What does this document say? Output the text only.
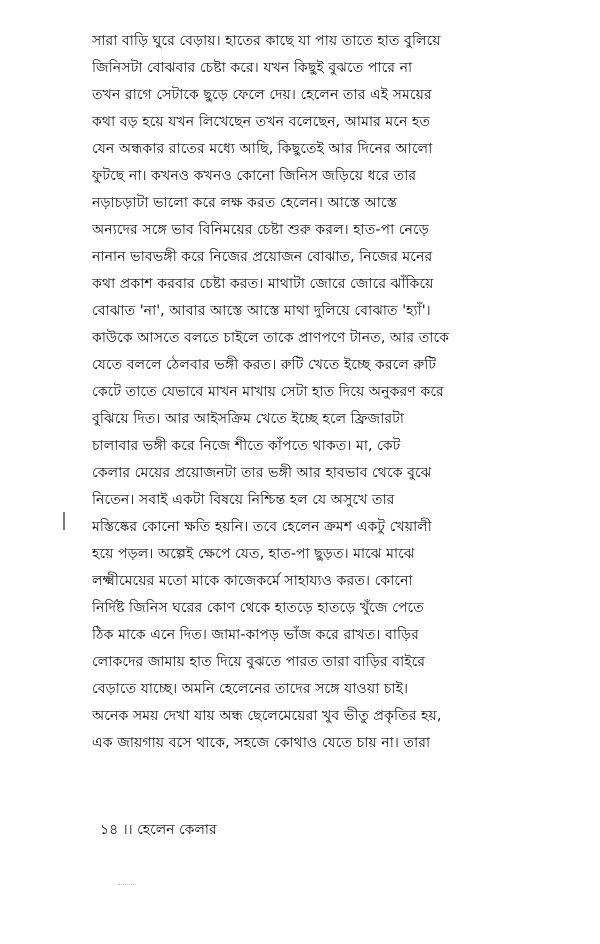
সারা বাড়ি ঘুরে বেড়ায়। হাতের কাছে যা পায় তাতে হাত বুলিয়ে
জিনিসটা বোঝবার চেষ্টা করে। যখন কিছুই বুঝতে পারে না
তখন রাগে সেটাকে ছুড়ে ফেলে দেয়। হেলেন তার এই সময়ের
কথা বড় হয়ে যখন লিখেছেন তখন বলেছেন, আমার মনে হত
যেন অন্ধকার রাতের মধ্যে আছি, কিছুতেই আর দিনের আলো
ফুটছে না। কখনও কখনও কোনো জিনিস জড়িয়ে ধরে তার
নড়াচড়াটা ভালো করে লক্ষ করত হেলেন। আস্তে আস্তে
অন্যদের সঙ্গে ভাব বিনিময়ের চেষ্টা শুরু করল। হাত-পা নেড়ে
নানান ভাবভঙ্গী করে নিজের প্রয়োজন বোঝাত, নিজের মনের
কথা প্রকাশ করবার চেষ্টা করত। মাথাটা জোরে জোরে ঝাঁকিয়ে
বোঝাত 'না', আবার আস্তে আস্তে মাথা দুলিয়ে বোঝাত 'হ্যাঁ'।
কাউকে আসতে বলতে চাইলে তাকে প্রাণপণে টানত, আর তাকে
যেতে বললে ঠেলবার ভঙ্গী করত। রুটি খেতে ইচ্ছে করলে রুটি
কেটে তাতে যেভাবে মাখন মাখায় সেটা হাত দিয়ে অনুকরণ করে
বুঝিয়ে দিত। আর আইসক্রিম খেতে ইচ্ছে হলে ফ্রিজারটা
চালাবার ভঙ্গী করে নিজে শীতে কাঁপতে থাকত। মা, কেট
কেলার মেয়ের প্রয়োজনটা তার ভঙ্গী আর হাবভাব থেকে বুঝে
নিতেন। সবাই একটা বিষয়ে নিশ্চিন্ত হল যে অসুখে তার
মস্তিষ্কের কোনো ক্ষতি হয়নি। তবে হেলেন ক্রমশ একটু খেয়ালী
হয়ে পড়ল। অল্পেই ক্ষেপে যেত, হাত-পা ছুড়ত। মাঝে মাঝে
লক্ষ্মীমেয়ের মতো মাকে কাজেকর্মে সাহায্যও করত। কোনো
নির্দিষ্ট জিনিস ঘরের কোণ থেকে হাতড়ে হাতড়ে খুঁজে পেতে
ঠিক মাকে এনে দিত। জামা-কাপড় ভাঁজ করে রাখত। বাড়ির
লোকদের জামায় হাত দিয়ে বুঝতে পারত তারা বাড়ির বাইরে
বেড়াতে যাচ্ছে। অমনি হেলেনের তাদের সঙ্গে যাওয়া চাই।
অনেক সময় দেখা যায় অন্ধ ছেলেমেয়েরা খুব ভীতু প্রকৃতির হয়,
এক জায়গায় বসে থাকে, সহজে কোথাও যেতে চায় না। তারা
১৪ ।। হেলেন কেলার
